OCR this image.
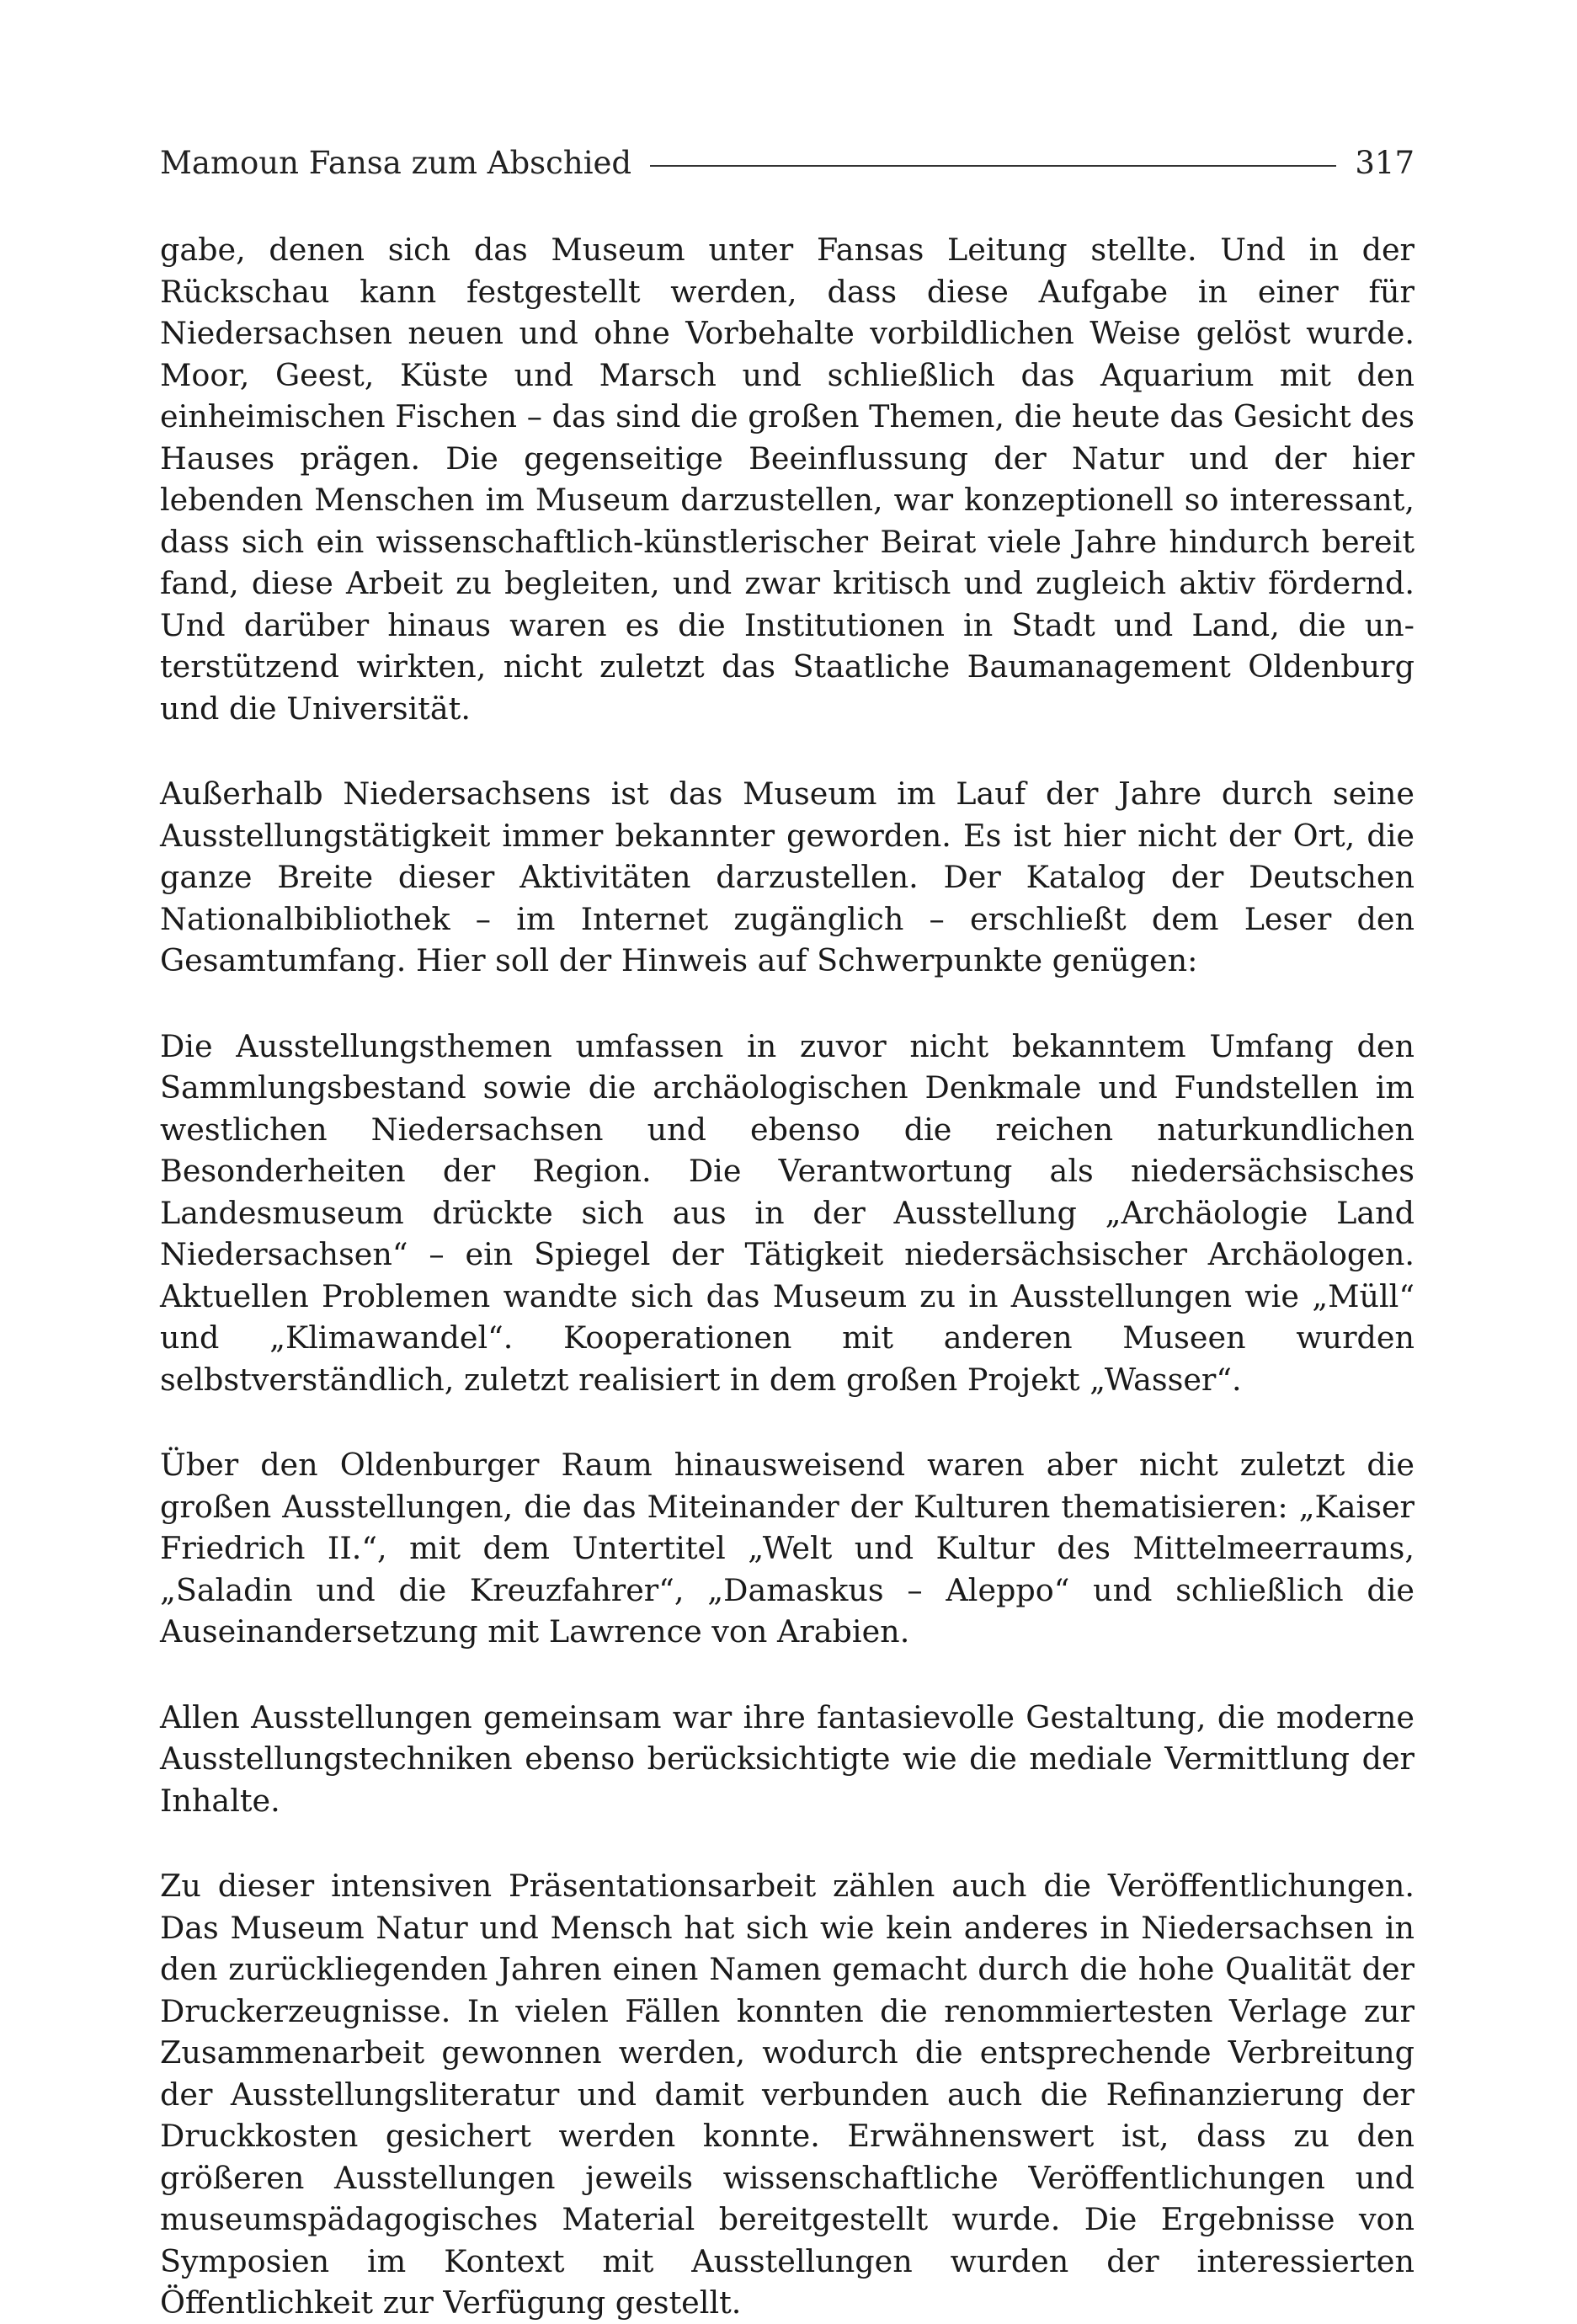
Mamoun Fansa zum Abschied	317

gabe, denen sich das Museum unter Fansas Leitung stellte. Und in der Rückschau kann festgestellt werden, dass diese Aufgabe in einer für Niedersachsen neuen und ohne Vorbehalte vorbildlichen Weise gelöst wurde. Moor, Geest, Küste und Marsch und schließlich das Aquarium mit den einheimischen Fischen – das sind die großen Themen, die heute das Gesicht des Hauses prägen. Die gegenseitige Beeinflussung der Natur und der hier lebenden Menschen im Museum darzustellen, war konzeptionell so interessant, dass sich ein wissenschaftlich-künstlerischer Beirat viele Jahre hindurch bereit fand, diese Arbeit zu begleiten, und zwar kritisch und zugleich aktiv fördernd. Und darüber hinaus waren es die Institutionen in Stadt und Land, die unterstützend wirkten, nicht zuletzt das Staatliche Baumanagement Oldenburg und die Universität.

Außerhalb Niedersachsens ist das Museum im Lauf der Jahre durch seine Ausstellungstätigkeit immer bekannter geworden. Es ist hier nicht der Ort, die ganze Breite dieser Aktivitäten darzustellen. Der Katalog der Deutschen Nationalbibliothek – im Internet zugänglich – erschließt dem Leser den Gesamtumfang. Hier soll der Hinweis auf Schwerpunkte genügen:

Die Ausstellungsthemen umfassen in zuvor nicht bekanntem Umfang den Sammlungsbestand sowie die archäologischen Denkmale und Fundstellen im westlichen Niedersachsen und ebenso die reichen naturkundlichen Besonderheiten der Region. Die Verantwortung als niedersächsisches Landesmuseum drückte sich aus in der Ausstellung „Archäologie Land Niedersachsen“ – ein Spiegel der Tätigkeit niedersächsischer Archäologen. Aktuellen Problemen wandte sich das Museum zu in Ausstellungen wie „Müll“ und „Klimawandel“. Kooperationen mit anderen Museen wurden selbstverständlich, zuletzt realisiert in dem großen Projekt „Wasser“.

Über den Oldenburger Raum hinausweisend waren aber nicht zuletzt die großen Ausstellungen, die das Miteinander der Kulturen thematisieren: „Kaiser Friedrich II.“, mit dem Untertitel „Welt und Kultur des Mittelmeerraums, „Saladin und die Kreuzfahrer“, „Damaskus – Aleppo“ und schließlich die Auseinandersetzung mit Lawrence von Arabien.

Allen Ausstellungen gemeinsam war ihre fantasievolle Gestaltung, die moderne Ausstellungstechniken ebenso berücksichtigte wie die mediale Vermittlung der Inhalte.

Zu dieser intensiven Präsentationsarbeit zählen auch die Veröffentlichungen. Das Museum Natur und Mensch hat sich wie kein anderes in Niedersachsen in den zurückliegenden Jahren einen Namen gemacht durch die hohe Qualität der Druckerzeugnisse. In vielen Fällen konnten die renommiertesten Verlage zur Zusammenarbeit gewonnen werden, wodurch die entsprechende Verbreitung der Ausstellungsliteratur und damit verbunden auch die Refinanzierung der Druckkosten gesichert werden konnte. Erwähnenswert ist, dass zu den größeren Ausstellungen jeweils wissenschaftliche Veröffentlichungen und museumspädagogisches Material bereitgestellt wurde. Die Ergebnisse von Symposien im Kontext mit Ausstellungen wurden der interessierten Öffentlichkeit zur Verfügung gestellt.
